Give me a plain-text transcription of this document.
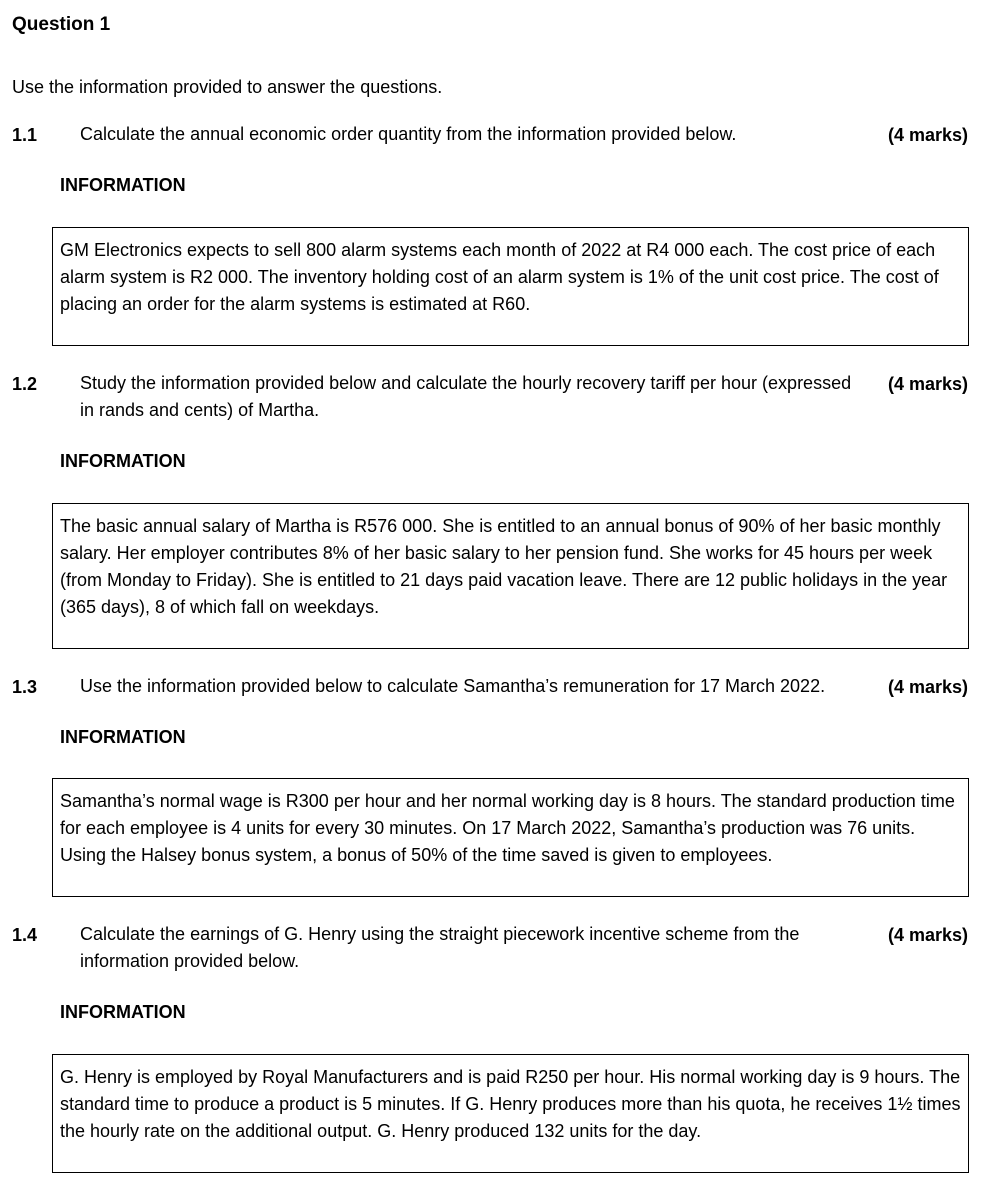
Question 1
Use the information provided to answer the questions.
1.1 Calculate the annual economic order quantity from the information provided below.	(4 marks)
INFORMATION
GM Electronics expects to sell 800 alarm systems each month of 2022 at R4 000 each. The cost price of each alarm system is R2 000. The inventory holding cost of an alarm system is 1% of the unit cost price. The cost of placing an order for the alarm systems is estimated at R60.
1.2 Study the information provided below and calculate the hourly recovery tariff per hour (expressed in rands and cents) of Martha.
(4 marks)
INFORMATION
The basic annual salary of Martha is R576 000. She is entitled to an annual bonus of 90% of her basic monthly salary. Her employer contributes 8% of her basic salary to her pension fund. She works for 45 hours per week (from Monday to Friday). She is entitled to 21 days paid vacation leave. There are 12 public holidays in the year (365 days), 8 of which fall on weekdays.
1.3 Use the information provided below to calculate Samantha’s remuneration for 17 March 2022.	(4 marks)
INFORMATION
Samantha’s normal wage is R300 per hour and her normal working day is 8 hours. The standard production time for each employee is 4 units for every 30 minutes. On 17 March 2022, Samantha’s production was 76 units. Using the Halsey bonus system, a bonus of 50% of the time saved is given to employees.
1.4 Calculate the earnings of G. Henry using the straight piecework incentive scheme from the information provided below.
(4 marks)
INFORMATION
G. Henry is employed by Royal Manufacturers and is paid R250 per hour. His normal working day is 9 hours. The standard time to produce a product is 5 minutes. If G. Henry produces more than his quota, he receives 1½ times the hourly rate on the additional output. G. Henry produced 132 units for the day.
